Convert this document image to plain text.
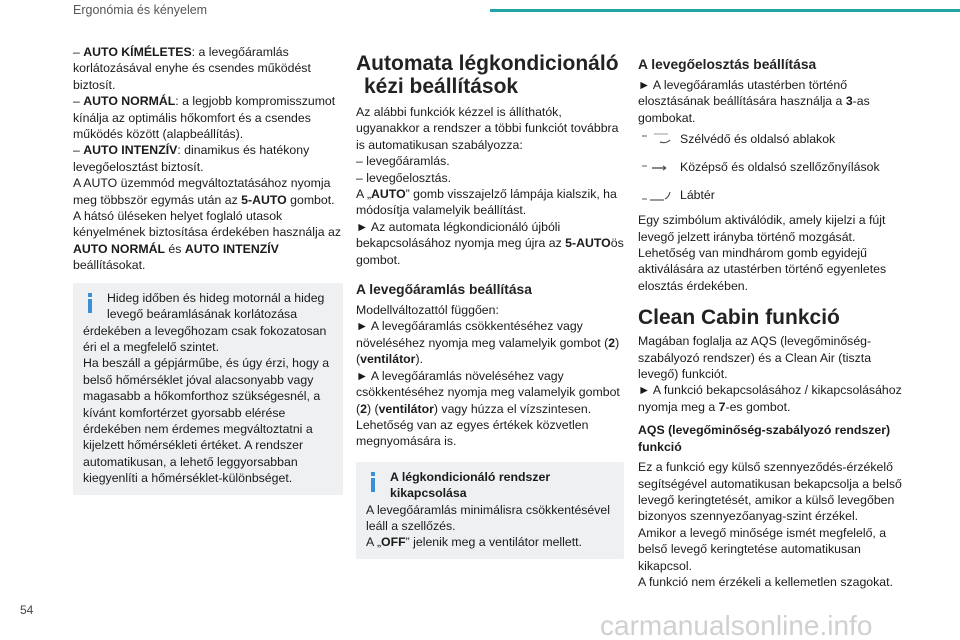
Ergonómia és kényelem

– AUTO KÍMÉLETES: a levegőáramlás korlátozásával enyhe és csendes működést biztosít.

– AUTO NORMÁL: a legjobb kompromisszumot kínálja az optimális hőkomfort és a csendes működés között (alapbeállítás).

– AUTO INTENZÍV: dinamikus és hatékony levegőelosztást biztosít.

A AUTO üzemmód megváltoztatásához nyomja meg többször egymás után az 5-AUTO gombot.

A hátsó üléseken helyet foglaló utasok kényelmének biztosítása érdekében használja az AUTO NORMÁL és AUTO INTENZÍV beállításokat.

Hideg időben és hideg motornál a hideg

levegő beáramlásának korlátozása

érdekében a levegőhozam csak fokozatosan éri el a megfelelő szintet.

Ha beszáll a gépjárműbe, és úgy érzi, hogy a belső hőmérséklet jóval alacsonyabb vagy magasabb a hőkomforthoz szükségesnél, a kívánt komfortérzet gyorsabb elérése érdekében nem érdemes megváltoztatni a kijelzett hőmérsékleti értéket. A rendszer automatikusan, a lehető leggyorsabban kiegyenlíti a hőmérséklet-különbséget.

Automata légkondicionáló
kézi beállítások

Az alábbi funkciók kézzel is állíthatók, ugyanakkor a rendszer a többi funkciót továbbra is automatikusan szabályozza:

– levegőáramlás.

– levegőelosztás.

A „AUTO” gomb visszajelző lámpája kialszik, ha módosítja valamelyik beállítást.

► Az automata légkondicionáló újbóli bekapcsolásához nyomja meg újra az 5-AUTOös gombot.

A levegőáramlás beállítása

Modellváltozattól függően:

► A levegőáramlás csökkentéséhez vagy növeléséhez nyomja meg valamelyik gombot (2) (ventilátor).

► A levegőáramlás növeléséhez vagy csökkentéséhez nyomja meg valamelyik gombot (2) (ventilátor) vagy húzza el vízszintesen.

Lehetőség van az egyes értékek közvetlen megnyomására is.

A légkondicionáló rendszer

kikapcsolása

A levegőáramlás minimálisra csökkentésével leáll a szellőzés.

A „OFF” jelenik meg a ventilátor mellett.

A levegőelosztás beállítása

► A levegőáramlás utastérben történő elosztásának beállítására használja a 3-as gombokat.

Szélvédő és oldalsó ablakok
Középső és oldalsó szellőzőnyílások
Lábtér

Egy szimbólum aktiválódik, amely kijelzi a fújt levegő jelzett irányba történő mozgását.

Lehetőség van mindhárom gomb egyidejű aktiválására az utastérben történő egyenletes elosztás érdekében.

Clean Cabin funkció

Magában foglalja az AQS (levegőminőség-szabályozó rendszer) és a Clean Air (tiszta levegő) funkciót.

► A funkció bekapcsolásához / kikapcsolásához nyomja meg a 7-es gombot.

AQS (levegőminőség-szabályozó rendszer) funkció

Ez a funkció egy külső szennyeződés-érzékelő segítségével automatikusan bekapcsolja a belső levegő keringtetését, amikor a külső levegőben bizonyos szennyezőanyag-szint érzékel.

Amikor a levegő minősége ismét megfelelő, a belső levegő keringtetése automatikusan kikapcsol.

A funkció nem érzékeli a kellemetlen szagokat.

54	carmanualsonline.info
